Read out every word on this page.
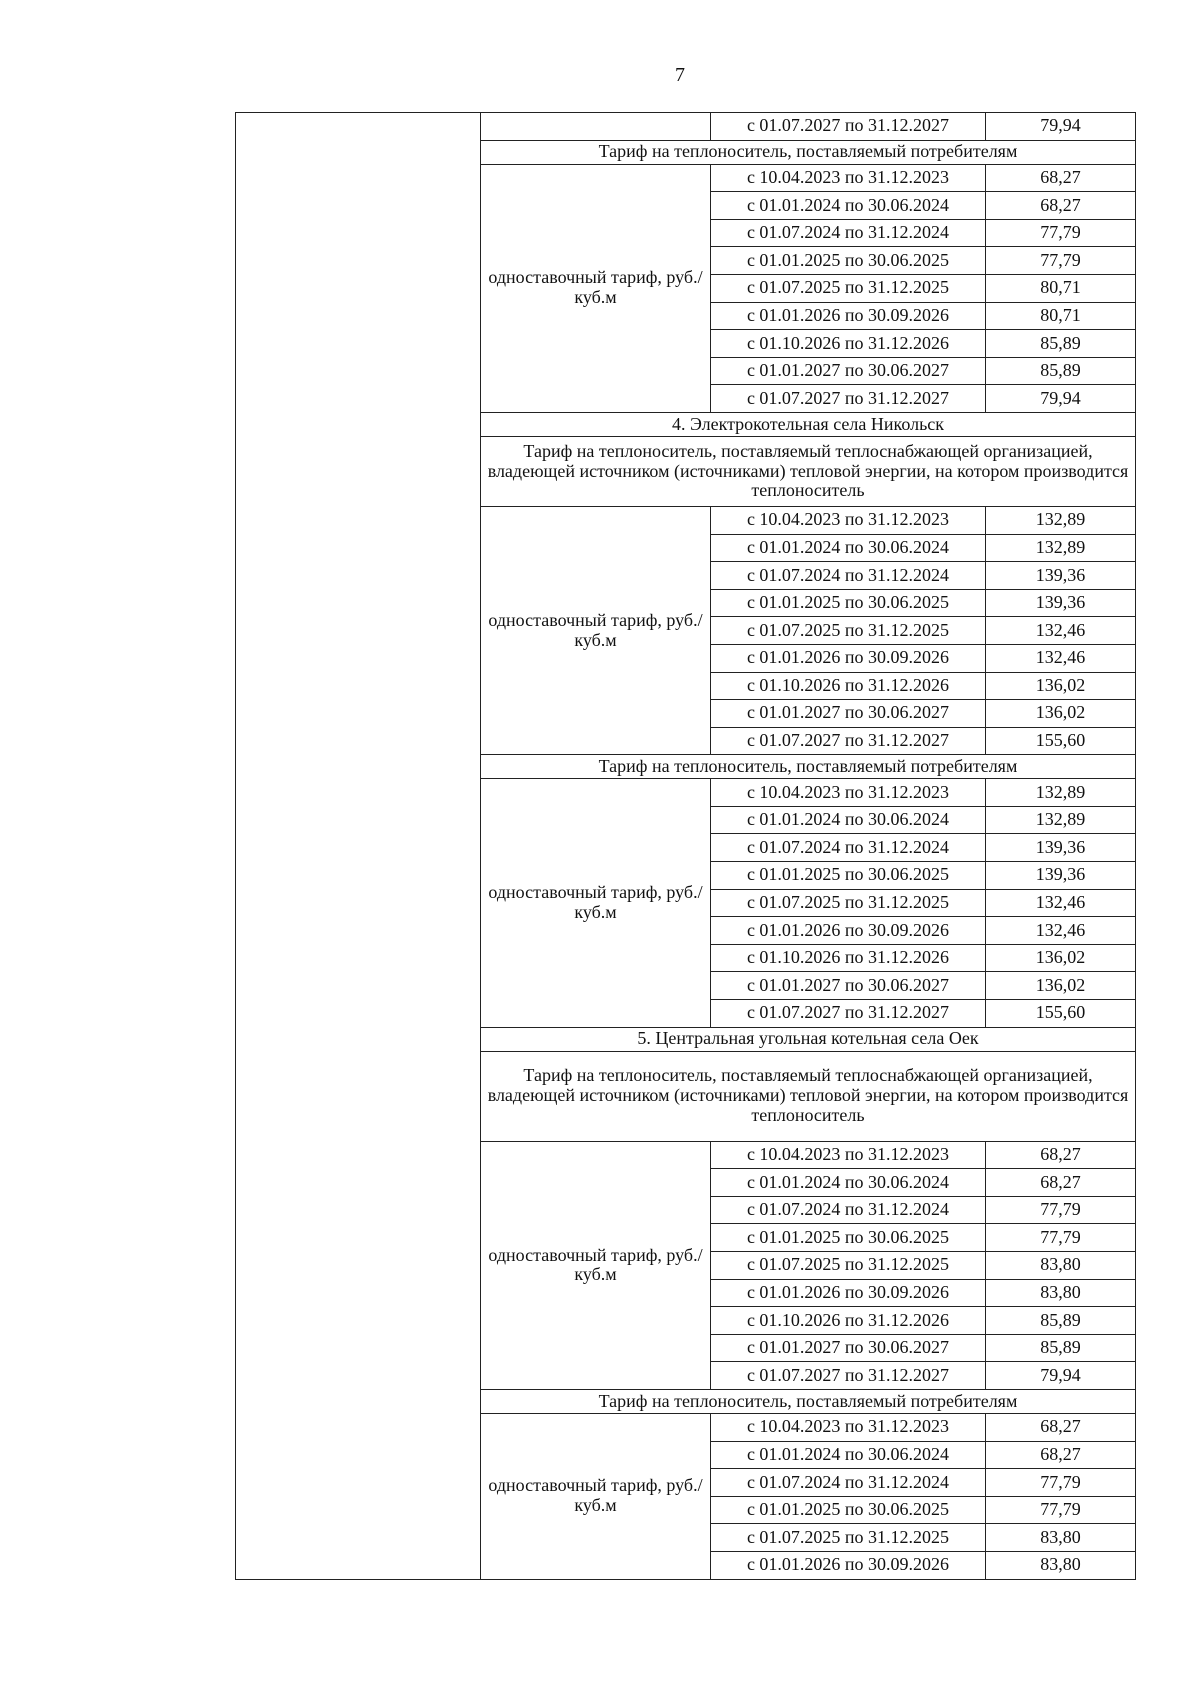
7
		с 01.07.2027 по 31.12.2027	79,94
	Тариф на теплоноситель, поставляемый потребителям		
	одноставочный тариф, руб./куб.м	с 10.04.2023 по 31.12.2023	68,27
		с 01.01.2024 по 30.06.2024	68,27
		с 01.07.2024 по 31.12.2024	77,79
		с 01.01.2025 по 30.06.2025	77,79
		с 01.07.2025 по 31.12.2025	80,71
		с 01.01.2026 по 30.09.2026	80,71
		с 01.10.2026 по 31.12.2026	85,89
		с 01.01.2027 по 30.06.2027	85,89
		с 01.07.2027 по 31.12.2027	79,94
	4. Электрокотельная села Никольск		
	Тариф на теплоноситель, поставляемый теплоснабжающей организацией, владеющей источником (источниками) тепловой энергии, на котором производится теплоноситель		
	одноставочный тариф, руб./куб.м	с 10.04.2023 по 31.12.2023	132,89
		с 01.01.2024 по 30.06.2024	132,89
		с 01.07.2024 по 31.12.2024	139,36
		с 01.01.2025 по 30.06.2025	139,36
		с 01.07.2025 по 31.12.2025	132,46
		с 01.01.2026 по 30.09.2026	132,46
		с 01.10.2026 по 31.12.2026	136,02
		с 01.01.2027 по 30.06.2027	136,02
		с 01.07.2027 по 31.12.2027	155,60
	Тариф на теплоноситель, поставляемый потребителям		
	одноставочный тариф, руб./куб.м	с 10.04.2023 по 31.12.2023	132,89
		с 01.01.2024 по 30.06.2024	132,89
		с 01.07.2024 по 31.12.2024	139,36
		с 01.01.2025 по 30.06.2025	139,36
		с 01.07.2025 по 31.12.2025	132,46
		с 01.01.2026 по 30.09.2026	132,46
		с 01.10.2026 по 31.12.2026	136,02
		с 01.01.2027 по 30.06.2027	136,02
		с 01.07.2027 по 31.12.2027	155,60
	5. Центральная угольная котельная села Оек		
	Тариф на теплоноситель, поставляемый теплоснабжающей организацией, владеющей источником (источниками) тепловой энергии, на котором производится теплоноситель		
	одноставочный тариф, руб./куб.м	с 10.04.2023 по 31.12.2023	68,27
		с 01.01.2024 по 30.06.2024	68,27
		с 01.07.2024 по 31.12.2024	77,79
		с 01.01.2025 по 30.06.2025	77,79
		с 01.07.2025 по 31.12.2025	83,80
		с 01.01.2026 по 30.09.2026	83,80
		с 01.10.2026 по 31.12.2026	85,89
		с 01.01.2027 по 30.06.2027	85,89
		с 01.07.2027 по 31.12.2027	79,94
	Тариф на теплоноситель, поставляемый потребителям		
	одноставочный тариф, руб./куб.м	с 10.04.2023 по 31.12.2023	68,27
		с 01.01.2024 по 30.06.2024	68,27
		с 01.07.2024 по 31.12.2024	77,79
		с 01.01.2025 по 30.06.2025	77,79
		с 01.07.2025 по 31.12.2025	83,80
		с 01.01.2026 по 30.09.2026	83,80
